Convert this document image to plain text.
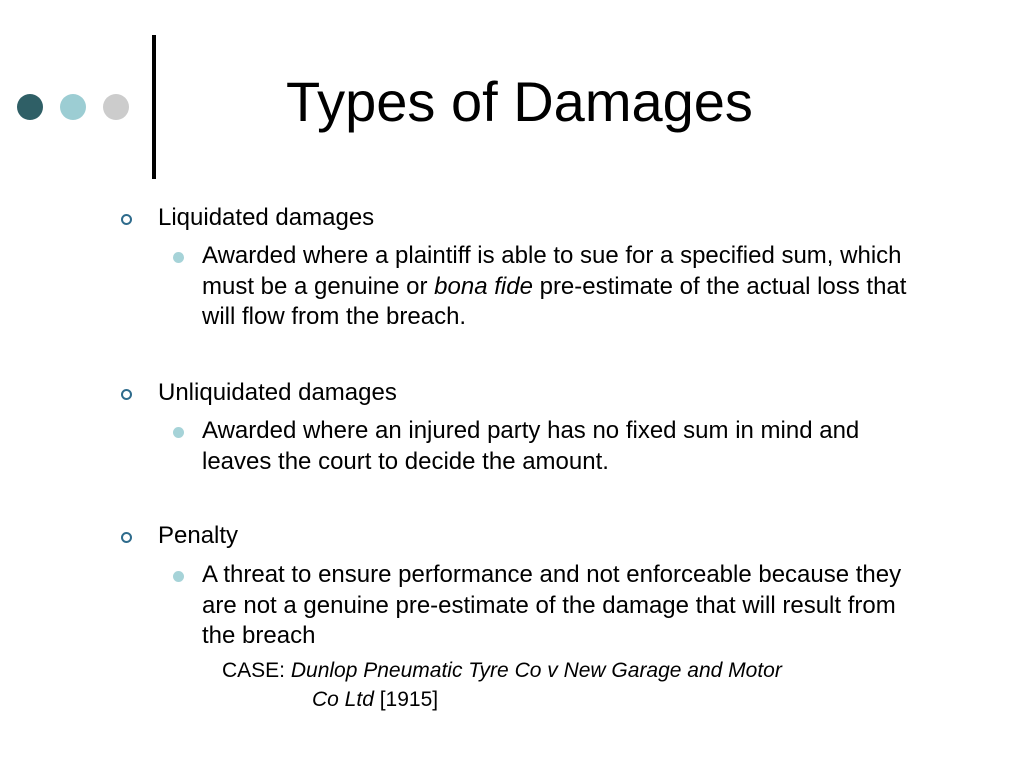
Types of Damages
Liquidated damages
Awarded where a plaintiff is able to sue for a specified sum, which must be a genuine or bona fide pre-estimate of the actual loss that will flow from the breach.
Unliquidated damages
Awarded where an injured party has no fixed sum in mind and leaves the court to decide the amount.
Penalty
A threat to ensure performance and not enforceable because they are not a genuine pre-estimate of the damage that will result from the breach
CASE: Dunlop Pneumatic Tyre Co v New Garage and Motor
Co Ltd [1915]
